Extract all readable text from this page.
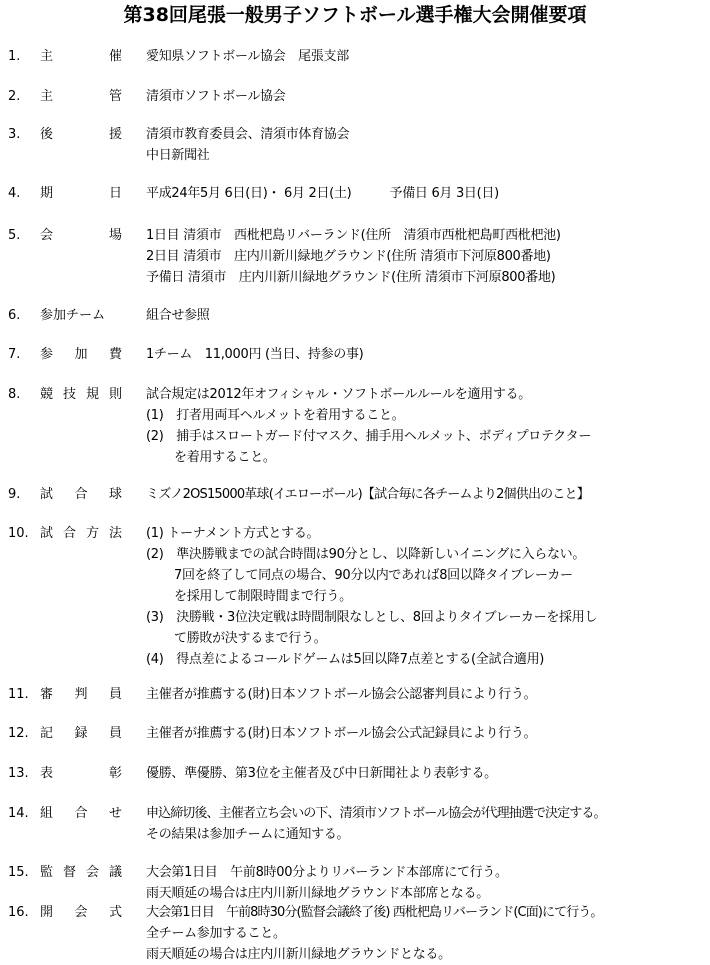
第38回尾張一般男子ソフトボール選手権大会開催要項
1. 主	催 愛知県ソフトボール協会　尾張支部
2. 主	管 清須市ソフトボール協会
3. 後	援 清須市教育委員会、清須市体育協会
中日新聞社
4. 期	日 平成24年5月 6日(日)・ 6月 2日(土)　　　予備日 6月 3日(日)
5. 会	場 1日目 清須市　西枇杷島リバーランド(住所　清須市西枇杷島町西枇杷池)
2日目 清須市　庄内川新川緑地グラウンド(住所 清須市下河原800番地)
予備日 清須市　庄内川新川緑地グラウンド(住所 清須市下河原800番地)
6. 参 加 チ ー ム	組合せ参照
7. 参 加 費 1チーム　11,000円 (当日、持参の事)
8. 競 技 規 則 試合規定は2012年オフィシャル・ソフトボールルールを適用する。
(1)　打者用両耳ヘルメットを着用すること。
(2)　捕手はスロートガード付マスク、捕手用ヘルメット、ボディプロテクター
を着用すること。
9. 試 合 球 ミズノ2OS15000革球(イエローボール)【試合毎に各チームより2個供出のこと】
10. 試 合 方 法 (1) トーナメント方式とする。
(2)　準決勝戦までの試合時間は90分とし、以降新しいイニングに入らない。
7回を終了して同点の場合、90分以内であれば8回以降タイブレーカー
を採用して制限時間まで行う。
(3)　決勝戦・3位決定戦は時間制限なしとし、8回よりタイブレーカーを採用し
て勝敗が決するまで行う。
(4)　得点差によるコールドゲームは5回以降7点差とする(全試合適用)
11. 審 判 員 主催者が推薦する(財)日本ソフトボール協会公認審判員により行う。
12. 記 録 員 主催者が推薦する(財)日本ソフトボール協会公式記録員により行う。
13. 表	彰 優勝、準優勝、第3位を主催者及び中日新聞社より表彰する。
14. 組 合 せ 申込締切後、主催者立ち会いの下、清須市ソフトボール協会が代理抽選で決定する。
その結果は参加チームに通知する。
15. 監 督 会 議 大会第1日目　午前8時00分よりリバーランド本部席にて行う。
雨天順延の場合は庄内川新川緑地グラウンド本部席となる。
16. 開 会 式 大会第1日目　午前8時30分(監督会議終了後) 西枇杷島リバーランド(C面)にて行う。
全チーム参加すること。
雨天順延の場合は庄内川新川緑地グラウンドとなる。
